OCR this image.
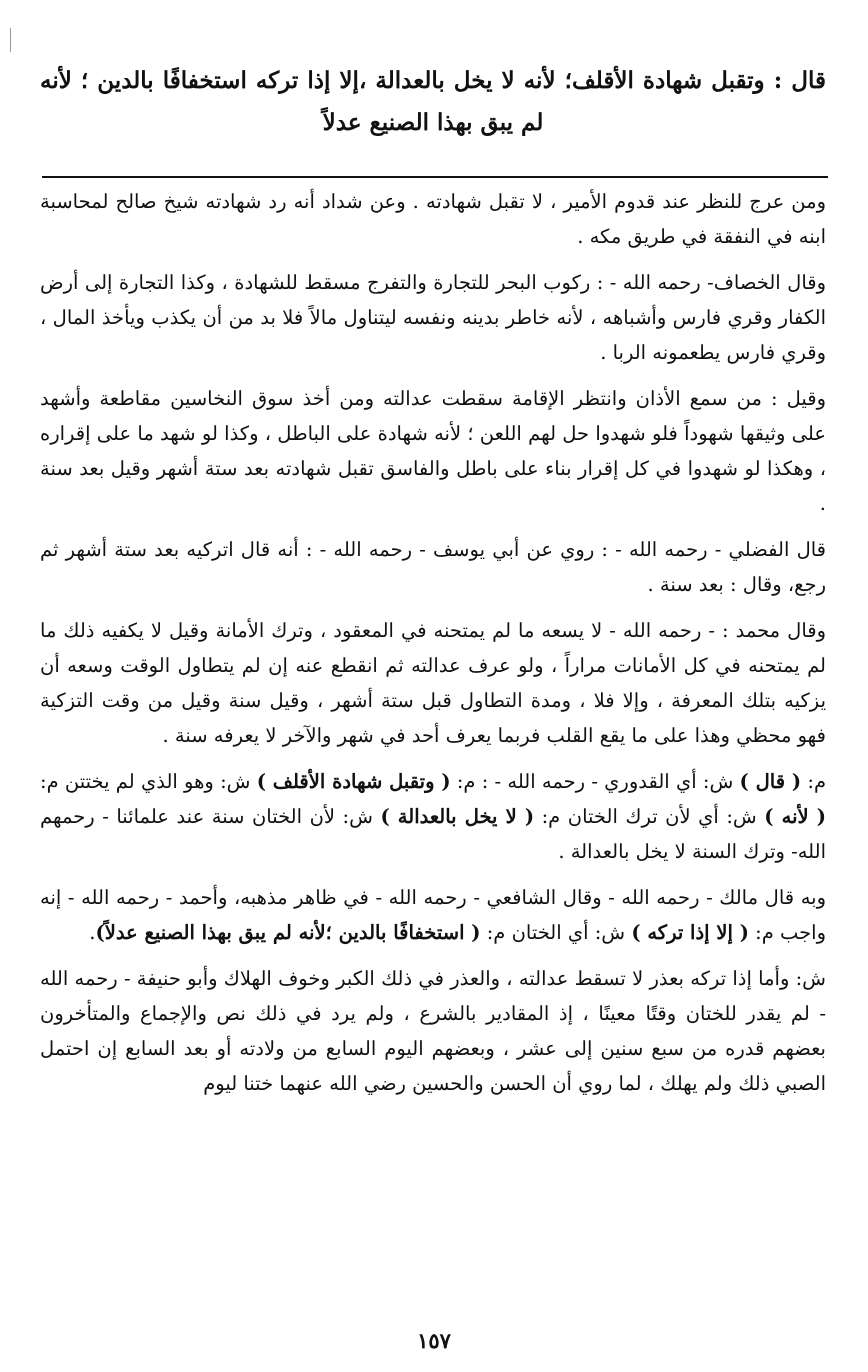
قال : وتقبل شهادة الأقلف؛ لأنه لا يخل بالعدالة ،إلا إذا تركه استخفافًا بالدين ؛ لأنه لم يبق بهذا الصنيع عدلاً

ومن عرج للنظر عند قدوم الأمير ، لا تقبل شهادته . وعن شداد أنه رد شهادته شيخ صالح لمحاسبة ابنه في النفقة في طريق مكه .

وقال الخصاف- رحمه الله - : ركوب البحر للتجارة والتفرج مسقط للشهادة ، وكذا التجارة إلى أرض الكفار وقري فارس وأشباهه ، لأنه خاطر بدينه ونفسه ليتناول مالاً فلا بد من أن يكذب ويأخذ المال ، وقري فارس يطعمونه الربا .

وقيل : من سمع الأذان وانتظر الإقامة سقطت عدالته ومن أخذ سوق النخاسين مقاطعة وأشهد على وثيقها شهوداً فلو شهدوا حل لهم اللعن ؛ لأنه شهادة على الباطل ، وكذا لو شهد ما على إقراره ، وهكذا لو شهدوا في كل إقرار بناء على باطل والفاسق تقبل شهادته بعد ستة أشهر وقيل بعد سنة .

قال الفضلي - رحمه الله - : روي عن أبي يوسف - رحمه الله - : أنه قال اتركيه بعد ستة أشهر ثم رجع، وقال : بعد سنة .

وقال محمد : - رحمه الله - لا يسعه ما لم يمتحنه في المعقود ، وترك الأمانة وقيل لا يكفيه ذلك ما لم يمتحنه في كل الأمانات مراراً ، ولو عرف عدالته ثم انقطع عنه إن لم يتطاول الوقت وسعه أن يزكيه بتلك المعرفة ، وإلا فلا ، ومدة التطاول قبل ستة أشهر ، وقيل سنة وقيل من وقت التزكية فهو محظي وهذا على ما يقع القلب فربما يعرف أحد في شهر والآخر لا يعرفه سنة .

م: ( قال ) ش: أي القدوري - رحمه الله - : م: ( وتقبل شهادة الأقلف ) ش: وهو الذي لم يختتن م: ( لأنه ) ش: أي لأن ترك الختان م: ( لا يخل بالعدالة ) ش: لأن الختان سنة عند علمائنا - رحمهم الله- وترك السنة لا يخل بالعدالة .

وبه قال مالك - رحمه الله - وقال الشافعي - رحمه الله - في ظاهر مذهبه، وأحمد - رحمه الله - إنه واجب م: ( إلا إذا تركه ) ش: أي الختان م: ( استخفافًا بالدين ؛لأنه لم يبق بهذا الصنيع عدلاً).

ش: وأما إذا تركه بعذر لا تسقط عدالته ، والعذر في ذلك الكبر وخوف الهلاك وأبو حنيفة - رحمه الله - لم يقدر للختان وقتًا معينًا ، إذ المقادير بالشرع ، ولم يرد في ذلك نص والإجماع والمتأخرون بعضهم قدره من سبع سنين إلى عشر ، وبعضهم اليوم السابع من ولادته أو بعد السابع إن احتمل الصبي ذلك ولم يهلك ، لما روي أن الحسن والحسين رضي الله عنهما ختنا ليوم

١٥٧
